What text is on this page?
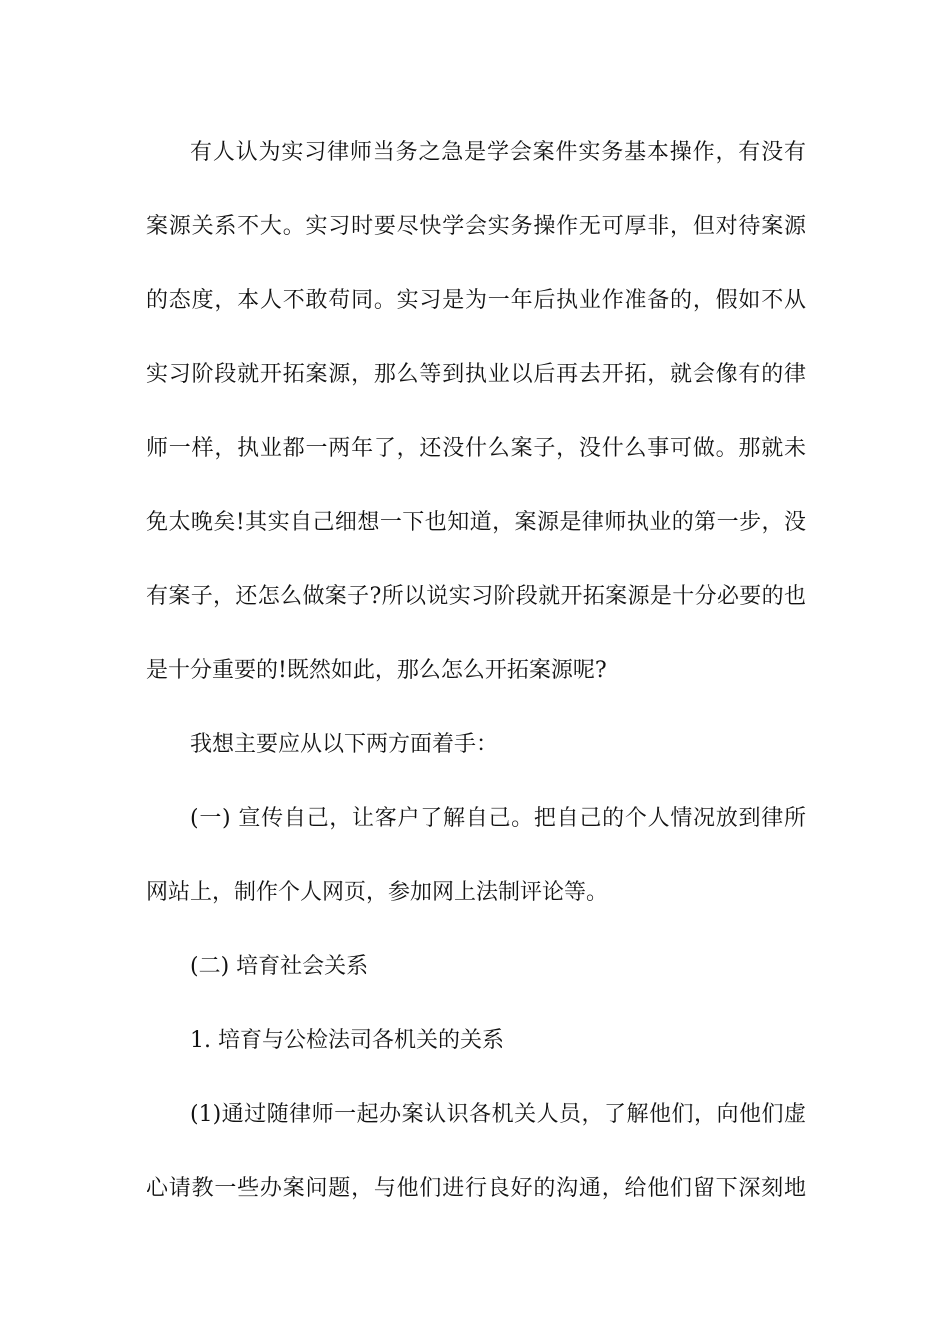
有人认为实习律师当务之急是学会案件实务基本操作，有没有
案源关系不大。实习时要尽快学会实务操作无可厚非，但对待案源
的态度，本人不敢苟同。实习是为一年后执业作准备的，假如不从
实习阶段就开拓案源，那么等到执业以后再去开拓，就会像有的律
师一样，执业都一两年了，还没什么案子，没什么事可做。那就未
免太晚矣!其实自己细想一下也知道，案源是律师执业的第一步，没
有案子，还怎么做案子?所以说实习阶段就开拓案源是十分必要的也
是十分重要的!既然如此，那么怎么开拓案源呢?
我想主要应从以下两方面着手：
(一) 宣传自己，让客户了解自己。把自己的个人情况放到律所
网站上，制作个人网页，参加网上法制评论等。
(二) 培育社会关系
1. 培育与公检法司各机关的关系
(1)通过随律师一起办案认识各机关人员，了解他们，向他们虚
心请教一些办案问题，与他们进行良好的沟通，给他们留下深刻地
